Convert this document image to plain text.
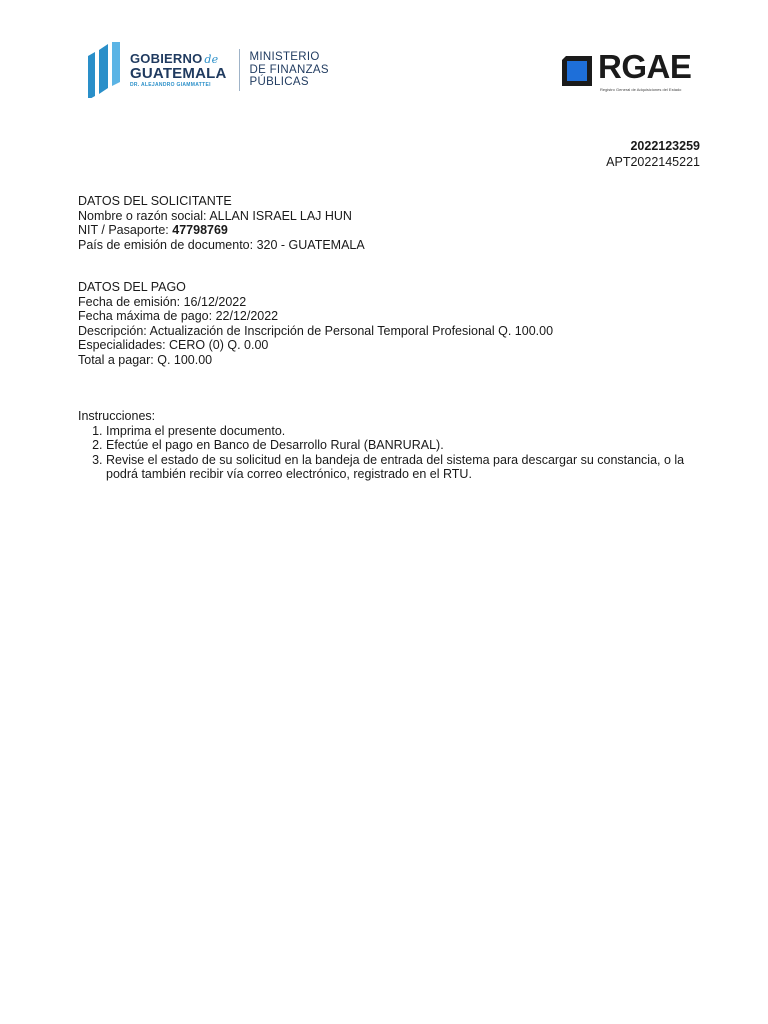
GOBIERNO de
GUATEMALA
DR. ALEJANDRO GIAMMATTEI
MINISTERIO
DE FINANZAS
PÚBLICAS	RGAE
Registro General de Adquisiciones del Estado
2022123259
APT2022145221
DATOS DEL SOLICITANTE
Nombre o razón social: ALLAN ISRAEL LAJ HUN
NIT / Pasaporte: 47798769
País de emisión de documento: 320 - GUATEMALA
DATOS DEL PAGO
Fecha de emisión: 16/12/2022
Fecha máxima de pago: 22/12/2022
Descripción: Actualización de Inscripción de Personal Temporal Profesional Q. 100.00
Especialidades: CERO (0) Q. 0.00
Total a pagar: Q. 100.00
Instrucciones:
1. Imprima el presente documento.
2. Efectúe el pago en Banco de Desarrollo Rural (BANRURAL).
3. Revise el estado de su solicitud en la bandeja de entrada del sistema para descargar su constancia, o la podrá también recibir vía correo electrónico, registrado en el RTU.
